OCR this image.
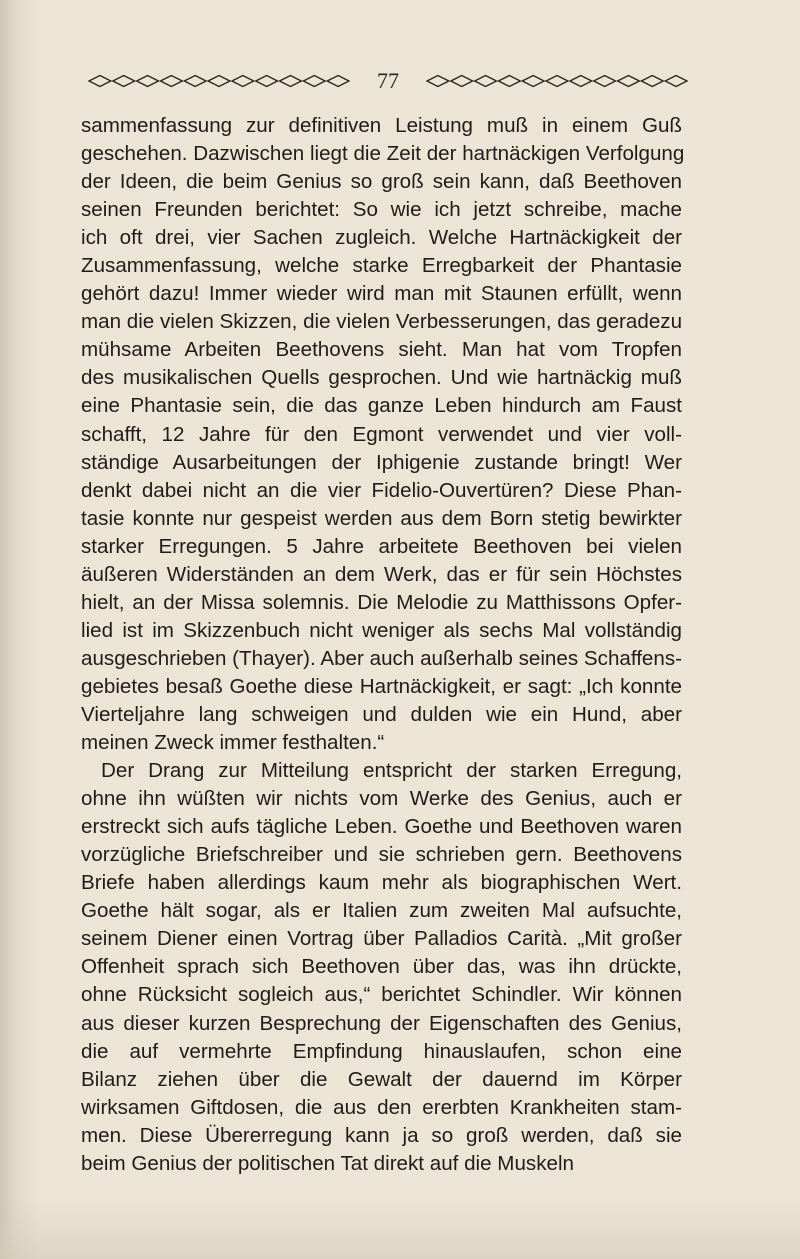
77
sammenfassung zur definitiven Leistung muß in einem Guß
geschehen. Dazwischen liegt die Zeit der hartnäckigen Verfolgung
der Ideen, die beim Genius so groß sein kann, daß Beethoven
seinen Freunden berichtet: So wie ich jetzt schreibe, mache
ich oft drei, vier Sachen zugleich. Welche Hartnäckigkeit der
Zusammenfassung, welche starke Erregbarkeit der Phantasie
gehört dazu! Immer wieder wird man mit Staunen erfüllt, wenn
man die vielen Skizzen, die vielen Verbesserungen, das geradezu
mühsame Arbeiten Beethovens sieht. Man hat vom Tropfen
des musikalischen Quells gesprochen. Und wie hartnäckig muß
eine Phantasie sein, die das ganze Leben hindurch am Faust
schafft, 12 Jahre für den Egmont verwendet und vier voll-
ständige Ausarbeitungen der Iphigenie zustande bringt! Wer
denkt dabei nicht an die vier Fidelio-Ouvertüren? Diese Phan-
tasie konnte nur gespeist werden aus dem Born stetig bewirkter
starker Erregungen. 5 Jahre arbeitete Beethoven bei vielen
äußeren Widerständen an dem Werk, das er für sein Höchstes
hielt, an der Missa solemnis. Die Melodie zu Matthissons Opfer-
lied ist im Skizzenbuch nicht weniger als sechs Mal vollständig
ausgeschrieben (Thayer). Aber auch außerhalb seines Schaffens-
gebietes besaß Goethe diese Hartnäckigkeit, er sagt: „Ich konnte
Vierteljahre lang schweigen und dulden wie ein Hund, aber
meinen Zweck immer festhalten.“
Der Drang zur Mitteilung entspricht der starken Erregung,
ohne ihn wüßten wir nichts vom Werke des Genius, auch er
erstreckt sich aufs tägliche Leben. Goethe und Beethoven waren
vorzügliche Briefschreiber und sie schrieben gern. Beethovens
Briefe haben allerdings kaum mehr als biographischen Wert.
Goethe hält sogar, als er Italien zum zweiten Mal aufsuchte,
seinem Diener einen Vortrag über Palladios Carità. „Mit großer
Offenheit sprach sich Beethoven über das, was ihn drückte,
ohne Rücksicht sogleich aus,“ berichtet Schindler. Wir können
aus dieser kurzen Besprechung der Eigenschaften des Genius,
die auf vermehrte Empfindung hinauslaufen, schon eine
Bilanz ziehen über die Gewalt der dauernd im Körper
wirksamen Giftdosen, die aus den ererbten Krankheiten stam-
men. Diese Übererregung kann ja so groß werden, daß sie
beim Genius der politischen Tat direkt auf die Muskeln
